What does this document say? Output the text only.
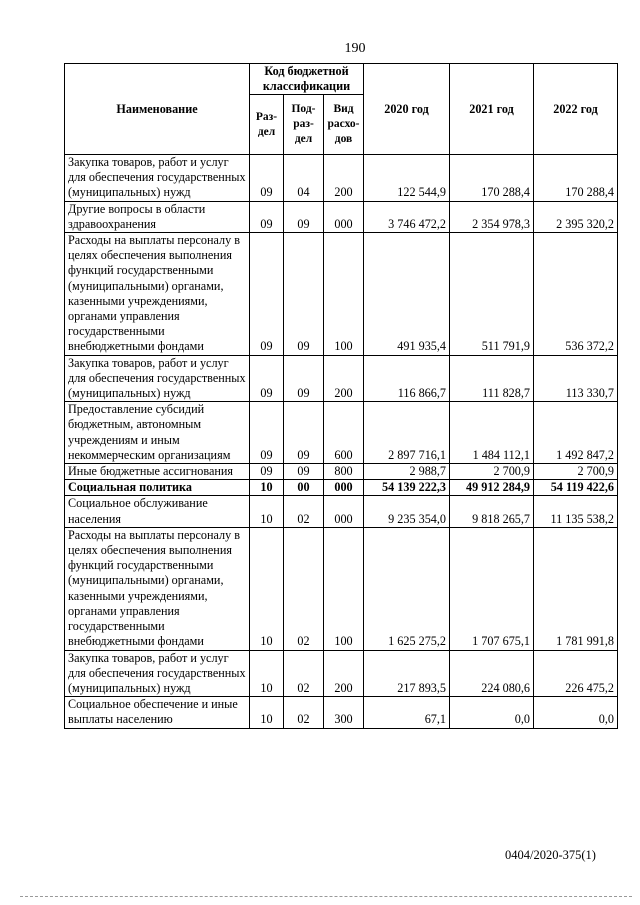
190
Наименование	Код бюджетной классификации			2020 год	2021 год	2022 год
	Раз-дел	Под-раз-дел	Вид расхо-дов			
Закупка товаров, работ и услуг для обеспечения государственных (муниципальных) нужд	09	04	200	122 544,9	170 288,4	170 288,4
Другие вопросы в области здравоохранения	09	09	000	3 746 472,2	2 354 978,3	2 395 320,2
Расходы на выплаты персоналу в целях обеспечения выполнения функций государственными (муниципальными) органами, казенными учреждениями, органами управления государственными внебюджетными фондами	09	09	100	491 935,4	511 791,9	536 372,2
Закупка товаров, работ и услуг для обеспечения государственных (муниципальных) нужд	09	09	200	116 866,7	111 828,7	113 330,7
Предоставление субсидий бюджетным, автономным учреждениям и иным некоммерческим организациям	09	09	600	2 897 716,1	1 484 112,1	1 492 847,2
Иные бюджетные ассигнования	09	09	800	2 988,7	2 700,9	2 700,9
Социальная политика	10	00	000	54 139 222,3	49 912 284,9	54 119 422,6
Социальное обслуживание населения	10	02	000	9 235 354,0	9 818 265,7	11 135 538,2
Расходы на выплаты персоналу в целях обеспечения выполнения функций государственными (муниципальными) органами, казенными учреждениями, органами управления государственными внебюджетными фондами	10	02	100	1 625 275,2	1 707 675,1	1 781 991,8
Закупка товаров, работ и услуг для обеспечения государственных (муниципальных) нужд	10	02	200	217 893,5	224 080,6	226 475,2
Социальное обеспечение и иные выплаты населению	10	02	300	67,1	0,0	0,0
0404/2020-375(1)
